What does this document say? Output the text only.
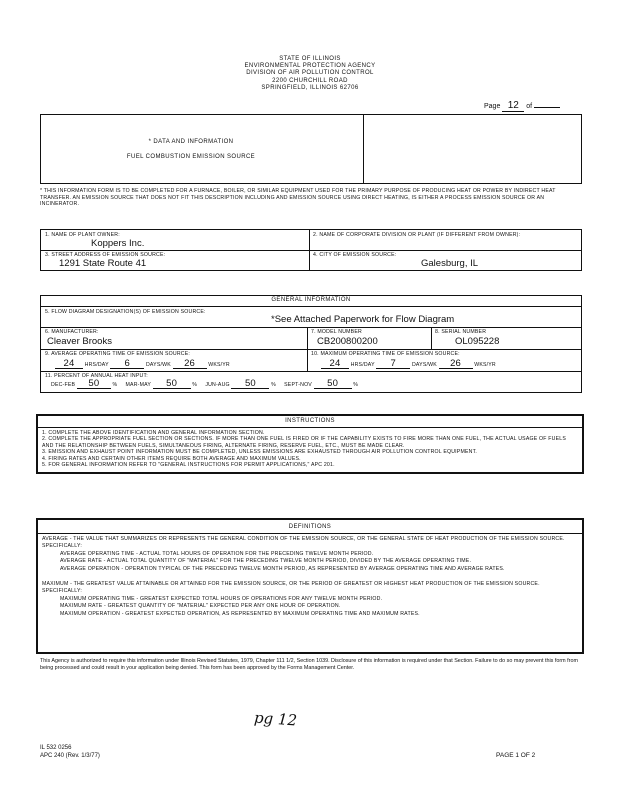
STATE OF ILLINOIS
ENVIRONMENTAL PROTECTION AGENCY
DIVISION OF AIR POLLUTION CONTROL
2200 CHURCHILL ROAD
SPRINGFIELD, ILLINOIS 62706
Page 12 of
* DATA AND INFORMATION
FUEL COMBUSTION EMISSION SOURCE
* THIS INFORMATION FORM IS TO BE COMPLETED FOR A FURNACE, BOILER, OR SIMILAR EQUIPMENT USED FOR THE PRIMARY PURPOSE OF PRODUCING HEAT OR POWER BY INDIRECT HEAT TRANSFER. AN EMISSION SOURCE THAT DOES NOT FIT THIS DESCRIPTION INCLUDING AND EMISSION SOURCE USING DIRECT HEATING, IS EITHER A PROCESS EMISSION SOURCE OR AN INCINERATOR.
1. NAME OF PLANT OWNER:
Koppers Inc.
2. NAME OF CORPORATE DIVISION OR PLANT (IF DIFFERENT FROM OWNER):
3. STREET ADDRESS OF EMISSION SOURCE:
1291 State Route 41
4. CITY OF EMISSION SOURCE:
Galesburg, IL
GENERAL INFORMATION
5. FLOW DIAGRAM DESIGNATION(S) OF EMISSION SOURCE:
*See Attached Paperwork for Flow Diagram
6. MANUFACTURER:
Cleaver Brooks
7. MODEL NUMBER
CB200800200
8. SERIAL NUMBER
OL095228
9. AVERAGE OPERATING TIME OF EMISSION SOURCE:
24 HRS/DAY 6	DAYS/WK 26	WKS/YR
10. MAXIMUM OPERATING TIME OF EMISSION SOURCE:
24 HRS/DAY 7	DAYS/WK 26	WKS/YR
11. PERCENT OF ANNUAL HEAT INPUT:
DEC-FEB 50	% MAR-MAY 50	% JUN-AUG 50	% SEPT-NOV 50	%
INSTRUCTIONS
1. COMPLETE THE ABOVE IDENTIFICATION AND GENERAL INFORMATION SECTION.
2. COMPLETE THE APPROPRIATE FUEL SECTION OR SECTIONS. IF MORE THAN ONE FUEL IS FIRED OR IF THE CAPABILITY EXISTS TO FIRE MORE THAN ONE FUEL, THE ACTUAL USAGE OF FUELS AND THE RELATIONSHIP BETWEEN FUELS, SIMULTANEOUS FIRING, ALTERNATE FIRING, RESERVE FUEL, ETC., MUST BE MADE CLEAR.
3. EMISSION AND EXHAUST POINT INFORMATION MUST BE COMPLETED, UNLESS EMISSIONS ARE EXHAUSTED THROUGH AIR POLLUTION CONTROL EQUIPMENT.
4. FIRING RATES AND CERTAIN OTHER ITEMS REQUIRE BOTH AVERAGE AND MAXIMUM VALUES.
5. FOR GENERAL INFORMATION REFER TO "GENERAL INSTRUCTIONS FOR PERMIT APPLICATIONS," APC 201.
DEFINITIONS
AVERAGE - THE VALUE THAT SUMMARIZES OR REPRESENTS THE GENERAL CONDITION OF THE EMISSION SOURCE, OR THE GENERAL STATE OF HEAT PRODUCTION OF THE EMISSION SOURCE. SPECIFICALLY:
AVERAGE OPERATING TIME - ACTUAL TOTAL HOURS OF OPERATION FOR THE PRECEDING TWELVE MONTH PERIOD.
AVERAGE RATE - ACTUAL TOTAL QUANTITY OF "MATERIAL" FOR THE PRECEDING TWELVE MONTH PERIOD, DIVIDED BY THE AVERAGE OPERATING TIME.
AVERAGE OPERATION - OPERATION TYPICAL OF THE PRECEDING TWELVE MONTH PERIOD, AS REPRESENTED BY AVERAGE OPERATING TIME AND AVERAGE RATES.
MAXIMUM - THE GREATEST VALUE ATTAINABLE OR ATTAINED FOR THE EMISSION SOURCE, OR THE PERIOD OF GREATEST OR HIGHEST HEAT PRODUCTION OF THE EMISSION SOURCE. SPECIFICALLY:
MAXIMUM OPERATING TIME - GREATEST EXPECTED TOTAL HOURS OF OPERATIONS FOR ANY TWELVE MONTH PERIOD.
MAXIMUM RATE - GREATEST QUANTITY OF "MATERIAL" EXPECTED PER ANY ONE HOUR OF OPERATION.
MAXIMUM OPERATION - GREATEST EXPECTED OPERATION, AS REPRESENTED BY MAXIMUM OPERATING TIME AND MAXIMUM RATES.
This Agency is authorized to require this information under Illinois Revised Statutes, 1979, Chapter 111 1/2, Section 1039. Disclosure of this information is required under that Section. Failure to do so may prevent this form from being processed and could result in your application being denied. This form has been approved by the Forms Management Center.
pg 12
IL 532 0256
APC 240 (Rev. 1/3/77)	PAGE 1 OF 2
